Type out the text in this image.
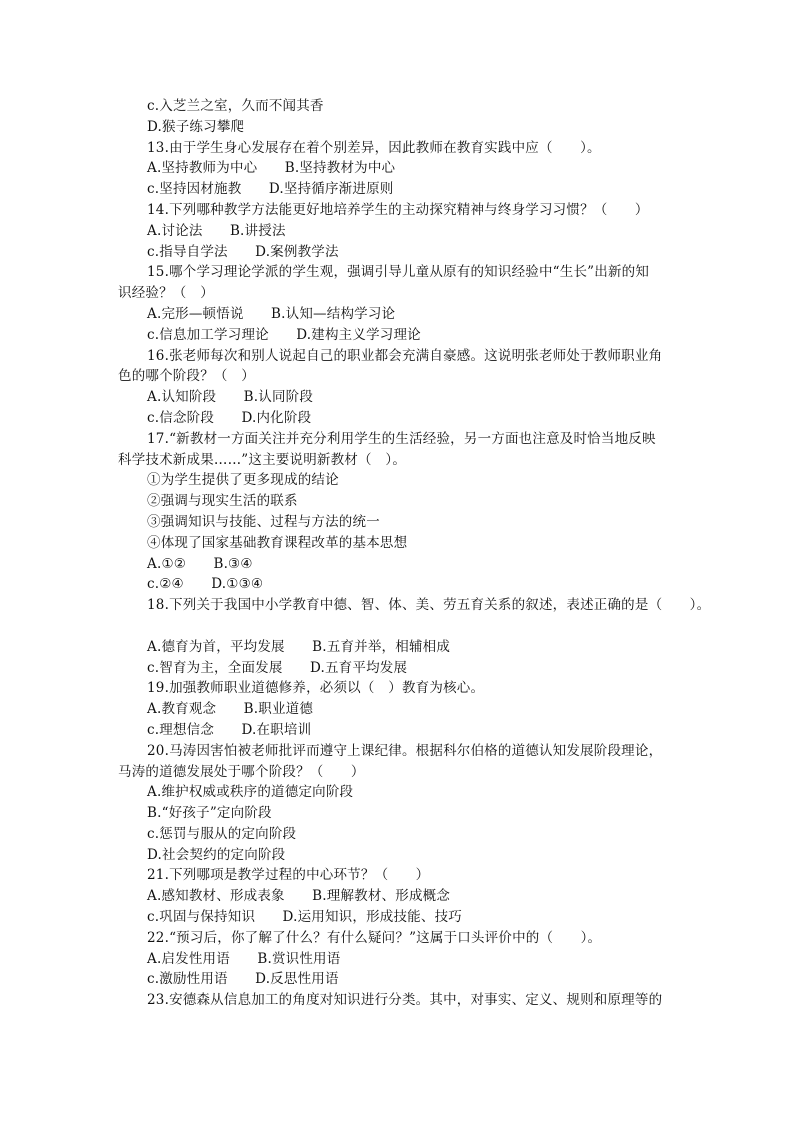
c.入芝兰之室，久而不闻其香
D.猴子练习攀爬
13.由于学生身心发展存在着个别差异，因此教师在教育实践中应（　　）。
A.坚持教师为中心　　B.坚持教材为中心
c.坚持因材施教　　D.坚持循序渐进原则
14.下列哪种教学方法能更好地培养学生的主动探究精神与终身学习习惯？（　　）
A.讨论法　　B.讲授法
c.指导自学法　　D.案例教学法
15.哪个学习理论学派的学生观，强调引导儿童从原有的知识经验中“生长”出新的知
识经验？（　）
A.完形—顿悟说　　B.认知—结构学习论
c.信息加工学习理论　　D.建构主义学习理论
16.张老师每次和别人说起自己的职业都会充满自豪感。这说明张老师处于教师职业角
色的哪个阶段？（　）
A.认知阶段　　B.认同阶段
c.信念阶段　　D.内化阶段
17.“新教材一方面关注并充分利用学生的生活经验，另一方面也注意及时恰当地反映
科学技术新成果……”这主要说明新教材（　）。
①为学生提供了更多现成的结论
②强调与现实生活的联系
③强调知识与技能、过程与方法的统一
④体现了国家基础教育课程改革的基本思想
A.①②　　B.③④
c.②④　　D.①③④
18.下列关于我国中小学教育中德、智、体、美、劳五育关系的叙述，表述正确的是（　　）。
A.德育为首，平均发展　　B.五育并举，相辅相成
c.智育为主，全面发展　　D.五育平均发展
19.加强教师职业道德修养，必须以（　）教育为核心。
A.教育观念　　B.职业道德
c.理想信念　　D.在职培训
20.马涛因害怕被老师批评而遵守上课纪律。根据科尔伯格的道德认知发展阶段理论，
马涛的道德发展处于哪个阶段？（　　）
A.维护权威或秩序的道德定向阶段
B.“好孩子”定向阶段
c.惩罚与服从的定向阶段
D.社会契约的定向阶段
21.下列哪项是教学过程的中心环节？（　　）
A.感知教材、形成表象　　B.理解教材、形成概念
c.巩固与保持知识　　D.运用知识，形成技能、技巧
22.“预习后，你了解了什么？有什么疑问？”这属于口头评价中的（　　）。
A.启发性用语　　B.赏识性用语
c.激励性用语　　D.反思性用语
23.安德森从信息加工的角度对知识进行分类。其中，对事实、定义、规则和原理等的
